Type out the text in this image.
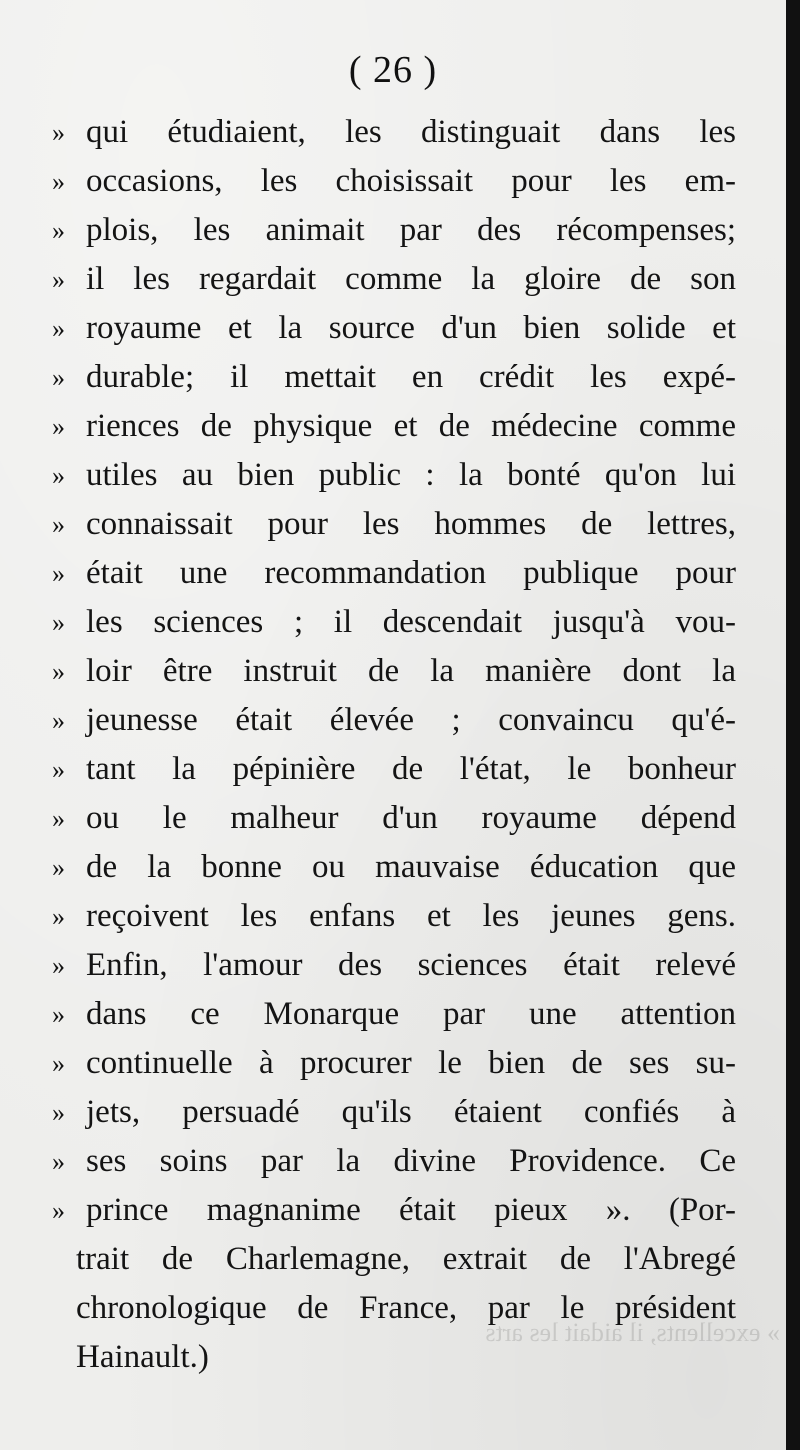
( 26 )
» qui étudiaient, les distinguait dans les
» occasions, les choisissait pour les em-
» plois, les animait par des récompenses;
» il les regardait comme la gloire de son
» royaume et la source d'un bien solide et
» durable; il mettait en crédit les expé-
» riences de physique et de médecine comme
» utiles au bien public : la bonté qu'on lui
» connaissait pour les hommes de lettres,
» était une recommandation publique pour
» les sciences ; il descendait jusqu'à vou-
» loir être instruit de la manière dont la
» jeunesse était élevée ; convaincu qu'é-
» tant la pépinière de l'état, le bonheur
» ou le malheur d'un royaume dépend
» de la bonne ou mauvaise éducation que
» reçoivent les enfans et les jeunes gens.
» Enfin, l'amour des sciences était relevé
» dans ce Monarque par une attention
» continuelle à procurer le bien de ses su-
» jets, persuadé qu'ils étaient confiés à
» ses soins par la divine Providence. Ce
» prince magnanime était pieux ». (Por-
trait de Charlemagne, extrait de l'Abregé
chronologique de France, par le président
Hainault.)
» excellents, il aidait les arts
